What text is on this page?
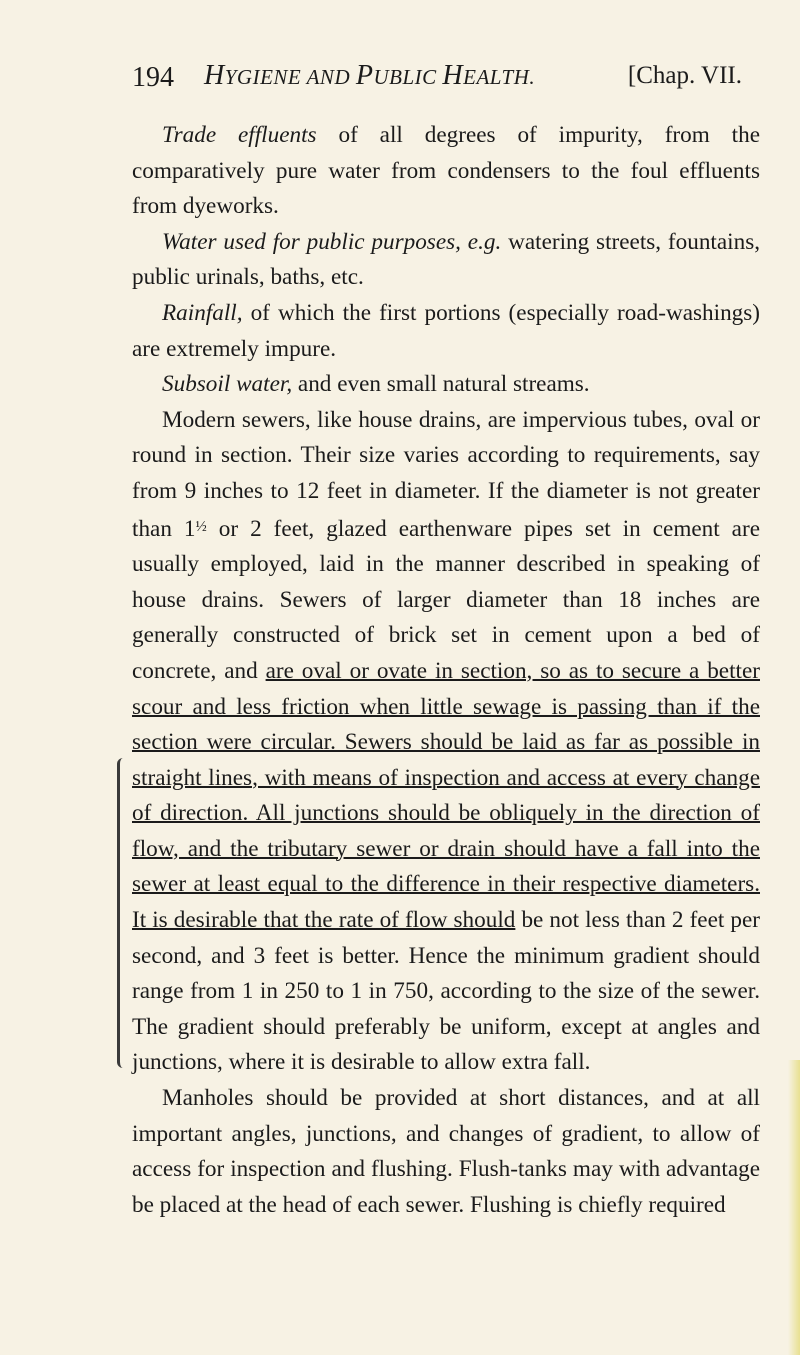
194 HYGIENE AND PUBLIC HEALTH.	[Chap. VII.

Trade effluents of all degrees of impurity, from the comparatively pure water from condensers to the foul effluents from dyeworks.

Water used for public purposes, e.g. watering streets, fountains, public urinals, baths, etc.

Rainfall, of which the first portions (especially road-washings) are extremely impure.

Subsoil water, and even small natural streams.

Modern sewers, like house drains, are impervious tubes, oval or round in section. Their size varies according to requirements, say from 9 inches to 12 feet in diameter. If the diameter is not greater than $1^{\frac{1}{2}}$ or 2 feet, glazed earthenware pipes set in cement are usually employed, laid in the manner described in speaking of house drains. Sewers of larger diameter than 18 inches are generally constructed of brick set in cement upon a bed of concrete, and are oval or ovate in section, so as to secure a better scour and less friction when little sewage is passing than if the section were circular. Sewers should be laid as far as possible in straight lines, with means of inspection and access at every change of direction. All junctions should be obliquely in the direction of flow, and the tributary sewer or drain should have a fall into the sewer at least equal to the difference in their respective diameters. It is desirable that the rate of flow should be not less than 2 feet per second, and 3 feet is better. Hence the minimum gradient should range from 1 in 250 to 1 in 750, according to the size of the sewer. The gradient should preferably be uniform, except at angles and junctions, where it is desirable to allow extra fall.

Manholes should be provided at short distances, and at all important angles, junctions, and changes of gradient, to allow of access for inspection and flushing. Flush-tanks may with advantage be placed at the head of each sewer. Flushing is chiefly required
